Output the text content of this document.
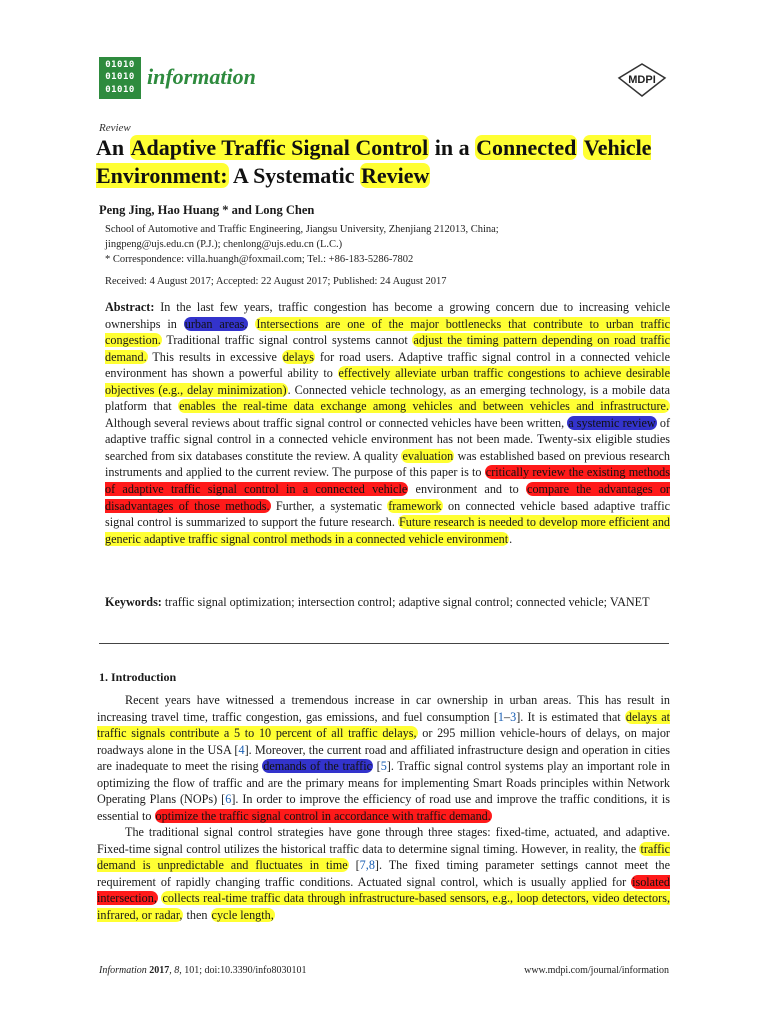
01010
01010
01010
information	MDPI
Review
An Adaptive Traffic Signal Control in a Connected Vehicle Environment: A Systematic Review
Peng Jing, Hao Huang * and Long Chen
School of Automotive and Traffic Engineering, Jiangsu University, Zhenjiang 212013, China;
jingpeng@ujs.edu.cn (P.J.); chenlong@ujs.edu.cn (L.C.)
* Correspondence: villa.huangh@foxmail.com; Tel.: +86-183-5286-7802
Received: 4 August 2017; Accepted: 22 August 2017; Published: 24 August 2017
Abstract: In the last few years, traffic congestion has become a growing concern due to increasing vehicle ownerships in urban areas. Intersections are one of the major bottlenecks that contribute to urban traffic congestion. Traditional traffic signal control systems cannot adjust the timing pattern depending on road traffic demand. This results in excessive delays for road users. Adaptive traffic signal control in a connected vehicle environment has shown a powerful ability to effectively alleviate urban traffic congestions to achieve desirable objectives (e.g., delay minimization). Connected vehicle technology, as an emerging technology, is a mobile data platform that enables the real-time data exchange among vehicles and between vehicles and infrastructure. Although several reviews about traffic signal control or connected vehicles have been written, a systemic review of adaptive traffic signal control in a connected vehicle environment has not been made. Twenty-six eligible studies searched from six databases constitute the review. A quality evaluation was established based on previous research instruments and applied to the current review. The purpose of this paper is to critically review the existing methods of adaptive traffic signal control in a connected vehicle environment and to compare the advantages or disadvantages of those methods. Further, a systematic framework on connected vehicle based adaptive traffic signal control is summarized to support the future research. Future research is needed to develop more efficient and generic adaptive traffic signal control methods in a connected vehicle environment.
Keywords: traffic signal optimization; intersection control; adaptive signal control; connected vehicle; VANET
1. Introduction

Recent years have witnessed a tremendous increase in car ownership in urban areas. This has result in increasing travel time, traffic congestion, gas emissions, and fuel consumption [1–3]. It is estimated that delays at traffic signals contribute a 5 to 10 percent of all traffic delays, or 295 million vehicle-hours of delays, on major roadways alone in the USA [4]. Moreover, the current road and affiliated infrastructure design and operation in cities are inadequate to meet the rising demands of the traffic [5]. Traffic signal control systems play an important role in optimizing the flow of traffic and are the primary means for implementing Smart Roads principles within Network Operating Plans (NOPs) [6]. In order to improve the efficiency of road use and improve the traffic conditions, it is essential to optimize the traffic signal control in accordance with traffic demand.

The traditional signal control strategies have gone through three stages: fixed-time, actuated, and adaptive. Fixed-time signal control utilizes the historical traffic data to determine signal timing. However, in reality, the traffic demand is unpredictable and fluctuates in time [7,8]. The fixed timing parameter settings cannot meet the requirement of rapidly changing traffic conditions. Actuated signal control, which is usually applied for isolated intersection, collects real-time traffic data through infrastructure-based sensors, e.g., loop detectors, video detectors, infrared, or radar, then cycle length,

Information 2017, 8, 101; doi:10.3390/info8030101	www.mdpi.com/journal/information
